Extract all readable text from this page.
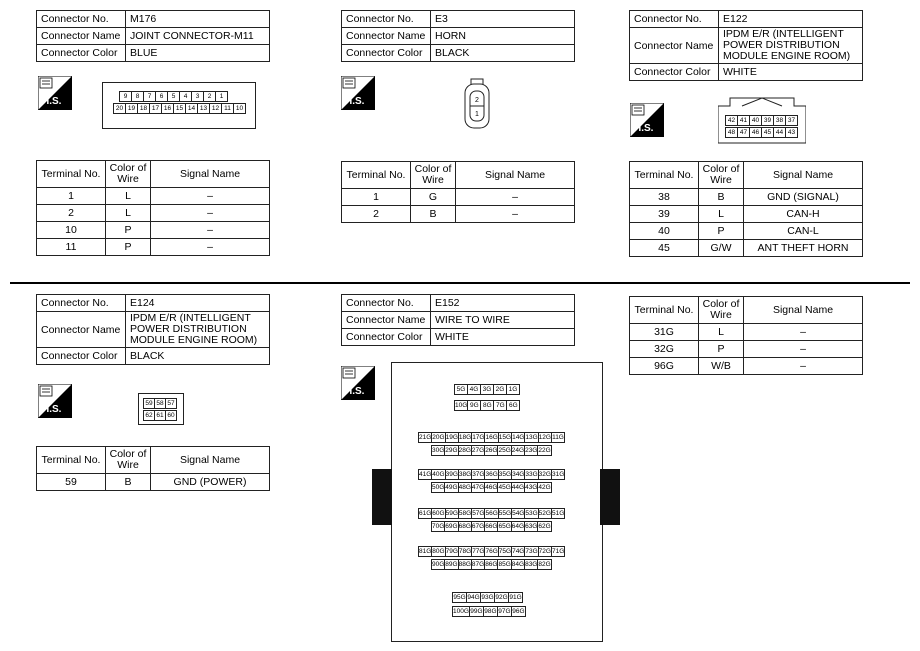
Connector No.	M176
Connector Name	JOINT CONNECTOR-M11
Connector Color	BLUE
H.S.	9	8	7	6	5	4	3	2	1
20	19	18	17	16	15	14	13	12	11	10
Terminal No.	Color of Wire	Signal Name
1	L	–
2	L	–
10	P	–
11	P	–
Connector No.	E3
Connector Name	HORN
Connector Color	BLACK
H.S.	2
1
Terminal No.	Color of Wire	Signal Name
1	G	–
2	B	–
Connector No.	E122
Connector Name	IPDM E/R (INTELLIGENT POWER DISTRIBUTION MODULE ENGINE ROOM)
Connector Color	WHITE
H.S.
42	41	40	39	38	37
48	47	46	45	44	43
Terminal No.	Color of Wire	Signal Name
38	B	GND (SIGNAL)
39	L	CAN-H
40	P	CAN-L
45	G/W	ANT THEFT HORN
Connector No.	E124
Connector Name	IPDM E/R (INTELLIGENT POWER DISTRIBUTION MODULE ENGINE ROOM)
Connector Color	BLACK
H.S.
59	58	57
62	61	60
Terminal No.	Color of Wire	Signal Name
59	B	GND (POWER)
Connector No.	E152
Connector Name	WIRE TO WIRE
Connector Color	WHITE
H.S.	5G	4G	3G	2G	1G
10G	9G	8G	7G	6G
21G	20G	19G	18G	17G	16G	15G	14G	13G	12G	11G
30G	29G	28G	27G	26G	25G	24G	23G	22G
41G	40G	39G	38G	37G	36G	35G	34G	33G	32G	31G
50G	49G	48G	47G	46G	45G	44G	43G	42G
61G	60G	59G	58G	57G	56G	55G	54G	53G	52G	51G
70G	69G	68G	67G	66G	65G	64G	63G	62G
81G	80G	79G	78G	77G	76G	75G	74G	73G	72G	71G
90G	89G	88G	87G	86G	85G	84G	83G	82G
95G	94G	93G	92G	91G
100G	99G	98G	97G	96G
Terminal No.	Color of Wire	Signal Name
31G	L	–
32G	P	–
96G	W/B	–
